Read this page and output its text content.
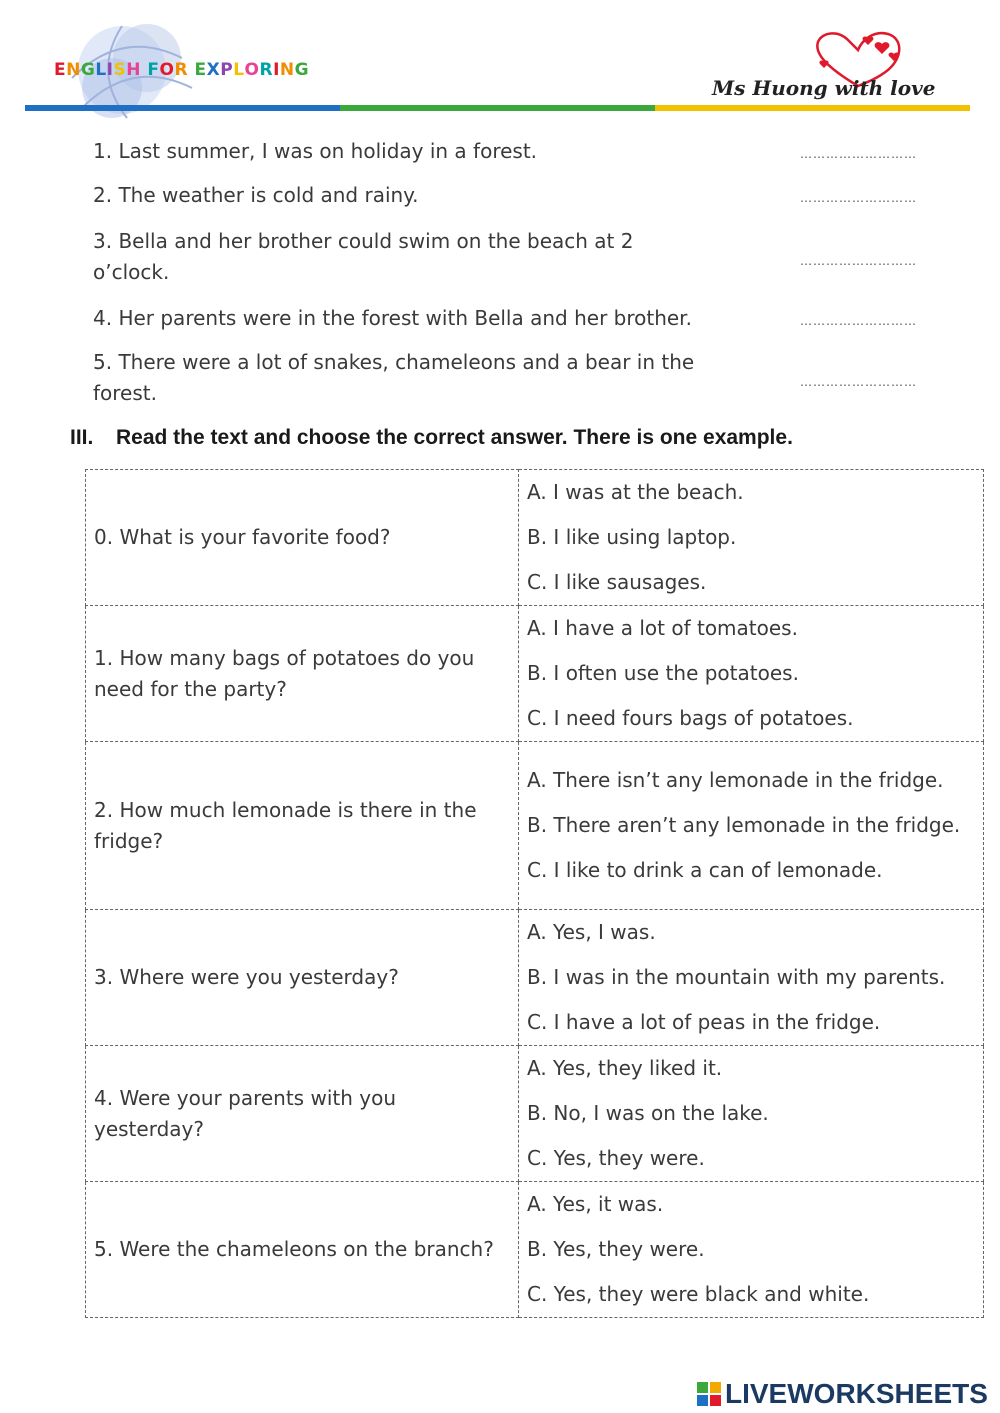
ENGLISH FOR EXPLORING
Ms Huong with love
1. Last summer, I was on holiday in a forest.	………………………
2. The weather is cold and rainy.	………………………
3. Bella and her brother could swim on the beach at 2 o’clock.	………………………
4. Her parents were in the forest with Bella and her brother.	………………………
5. There were a lot of snakes, chameleons and a bear in the forest.	………………………
III. Read the text and choose the correct answer. There is one example.
0. What is your favorite food?	A. I was at the beach.
B. I like using laptop.
C. I like sausages.

1. How many bags of potatoes do you need for the party?	A. I have a lot of tomatoes.
B. I often use the potatoes.
C. I need fours bags of potatoes.

2. How much lemonade is there in the fridge?	A. There isn’t any lemonade in the fridge.
B. There aren’t any lemonade in the fridge.
C. I like to drink a can of lemonade.

3. Where were you yesterday?	A. Yes, I was.
B. I was in the mountain with my parents.
C. I have a lot of peas in the fridge.

4. Were your parents with you yesterday?	A. Yes, they liked it.
B. No, I was on the lake.
C. Yes, they were.

5. Were the chameleons on the branch?	A. Yes, it was.
B. Yes, they were.
C. Yes, they were black and white.
LIVEWORKSHEETS
